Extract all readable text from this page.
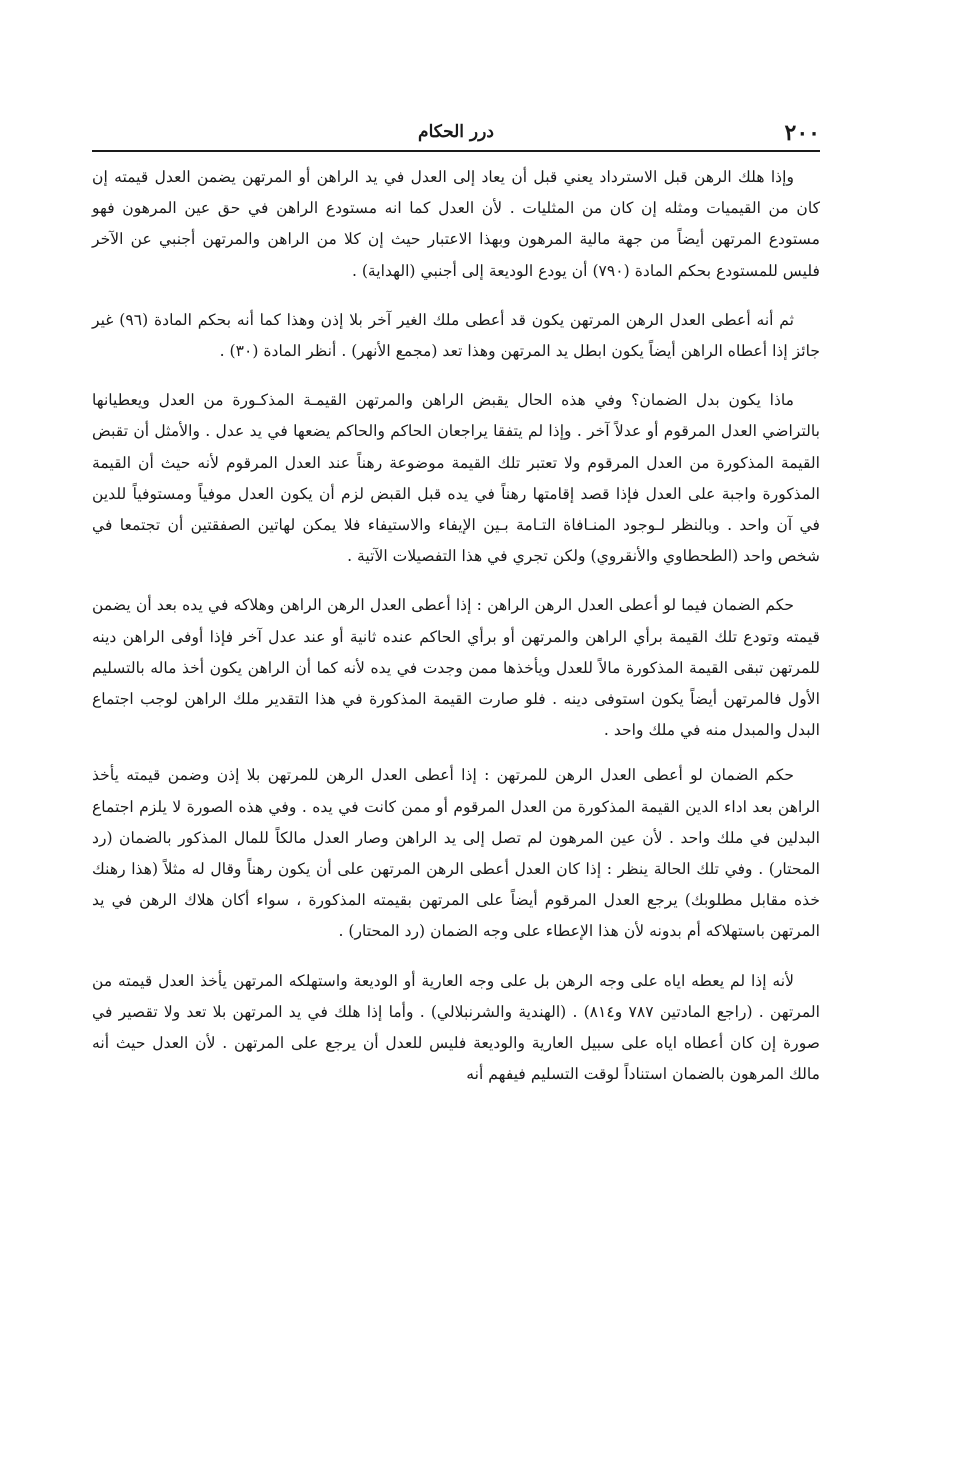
٢٠٠
درر الحكام

وإذا هلك الرهن قبل الاسترداد يعني قبل أن يعاد إلى العدل في يد الراهن أو المرتهن يضمن العدل قيمته إن كان من القيميات ومثله إن كان من المثليات . لأن العدل كما انه مستودع الراهن في حق عين المرهون فهو مستودع المرتهن أيضاً من جهة مالية المرهون وبهذا الاعتبار حيث إن كلا من الراهن والمرتهن أجنبي عن الآخر فليس للمستودع بحكم المادة (٧٩٠) أن يودع الوديعة إلى أجنبي (الهداية) .

ثم أنه أعطى العدل الرهن المرتهن يكون قد أعطى ملك الغير آخر بلا إذن وهذا كما أنه بحكم المادة (٩٦) غير جائز إذا أعطاه الراهن أيضاً يكون ابطل يد المرتهن وهذا تعد (مجمع الأنهر) . أنظر المادة (٣٠) .

ماذا يكون بدل الضمان؟ وفي هذه الحال يقبض الراهن والمرتهن القيمـة المذكـورة من العدل ويعطيانها بالتراضي العدل المرقوم أو عدلاً آخر . وإذا لم يتفقا يراجعان الحاكم والحاكم يضعها في يد عدل . والأمثل أن تقبض القيمة المذكورة من العدل المرقوم ولا تعتبر تلك القيمة موضوعة رهناً عند العدل المرقوم لأنه حيث أن القيمة المذكورة واجبة على العدل فإذا قصد إقامتها رهناً في يده قبل القبض لزم أن يكون العدل موفياً ومستوفياً للدين في آن واحد . وبالنظر لـوجود المنـافاة التـامة بـين الإيفاء والاستيفاء فلا يمكن لهاتين الصفقتين أن تجتمعا في شخص واحد (الطحطاوي والأنقروي) ولكن تجري في هذا التفصيلات الآتية .

حكم الضمان فيما لو أعطى العدل الرهن الراهن : إذا أعطى العدل الرهن الراهن وهلاكه في يده بعد أن يضمن قيمته وتودع تلك القيمة برأي الراهن والمرتهن أو برأي الحاكم عنده ثانية أو عند عدل آخر فإذا أوفى الراهن دينه للمرتهن تبقى القيمة المذكورة مالاً للعدل ويأخذها ممن وجدت في يده لأنه كما أن الراهن يكون أخذ ماله بالتسليم الأول فالمرتهن أيضاً يكون استوفى دينه . فلو صارت القيمة المذكورة في هذا التقدير ملك الراهن لوجب اجتماع البدل والمبدل منه في ملك واحد .

حكم الضمان لو أعطى العدل الرهن للمرتهن : إذا أعطى العدل الرهن للمرتهن بلا إذن وضمن قيمته يأخذ الراهن بعد اداء الدين القيمة المذكورة من العدل المرقوم أو ممن كانت في يده . وفي هذه الصورة لا يلزم اجتماع البدلين في ملك واحد . لأن عين المرهون لم تصل إلى يد الراهن وصار العدل مالكاً للمال المذكور بالضمان (رد المحتار) . وفي تلك الحالة ينظر : إذا كان العدل أعطى الرهن المرتهن على أن يكون رهناً وقال له مثلاً (هذا رهنك خذه مقابل مطلوبك) يرجع العدل المرقوم أيضاً على المرتهن بقيمته المذكورة ، سواء أكان هلاك الرهن في يد المرتهن باستهلاكه أم بدونه لأن هذا الإعطاء على وجه الضمان (رد المحتار) .

لأنه إذا لم يعطه اياه على وجه الرهن بل على وجه العارية أو الوديعة واستهلكه المرتهن يأخذ العدل قيمته من المرتهن . (راجع المادتين ٧٨٧ و٨١٤) . (الهندية والشرنبلالي) . وأما إذا هلك في يد المرتهن بلا تعد ولا تقصير في صورة إن كان أعطاه اياه على سبيل العارية والوديعة فليس للعدل أن يرجع على المرتهن . لأن العدل حيث أنه مالك المرهون بالضمان استناداً لوقت التسليم فيفهم أنه
